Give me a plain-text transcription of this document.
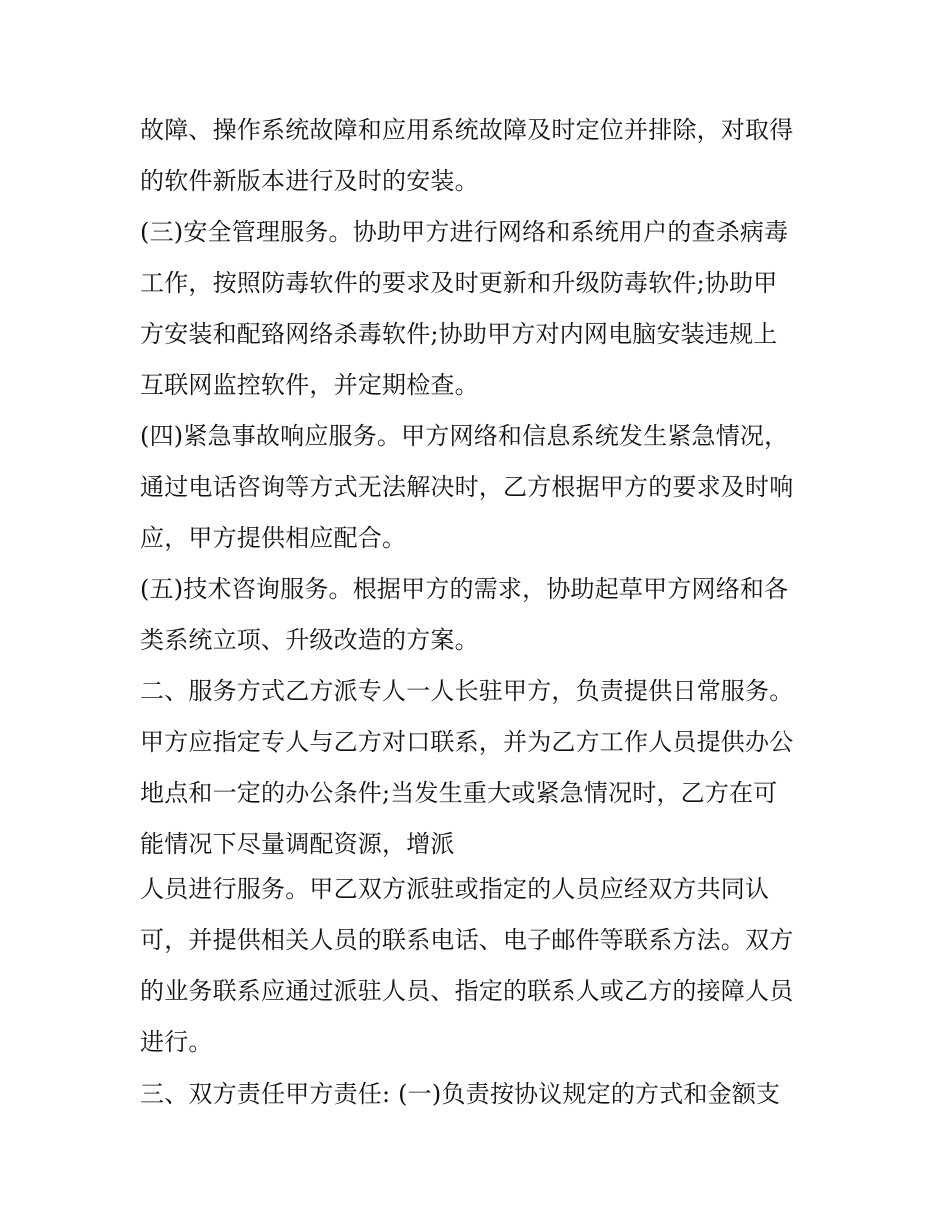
故障、操作系统故障和应用系统故障及时定位并排除，对取得
的软件新版本进行及时的安装。
(三)安全管理服务。协助甲方进行网络和系统用户的查杀病毒
工作，按照防毒软件的要求及时更新和升级防毒软件;协助甲
方安装和配臵网络杀毒软件;协助甲方对内网电脑安装违规上
互联网监控软件，并定期检查。
(四)紧急事故响应服务。甲方网络和信息系统发生紧急情况，
通过电话咨询等方式无法解决时，乙方根据甲方的要求及时响
应，甲方提供相应配合。
(五)技术咨询服务。根据甲方的需求，协助起草甲方网络和各
类系统立项、升级改造的方案。
二、服务方式乙方派专人一人长驻甲方，负责提供日常服务。
甲方应指定专人与乙方对口联系，并为乙方工作人员提供办公
地点和一定的办公条件;当发生重大或紧急情况时，乙方在可
能情况下尽量调配资源，增派
人员进行服务。甲乙双方派驻或指定的人员应经双方共同认
可，并提供相关人员的联系电话、电子邮件等联系方法。双方
的业务联系应通过派驻人员、指定的联系人或乙方的接障人员
进行。
三、双方责任甲方责任: (一)负责按协议规定的方式和金额支
